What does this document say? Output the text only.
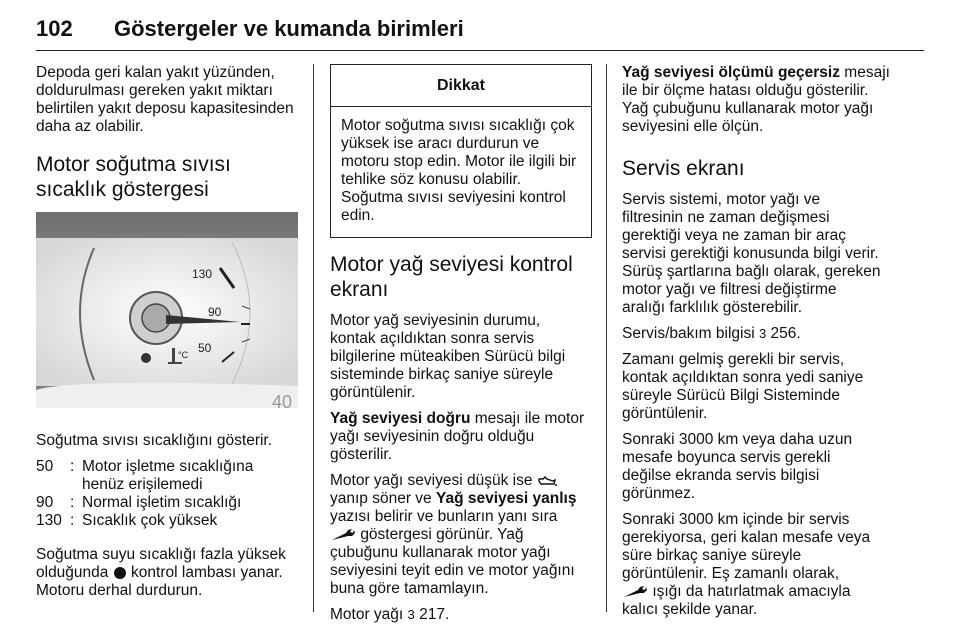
102 Göstergeler ve kumanda birimleri

Depoda geri kalan yakıt yüzünden,
doldurulması gereken yakıt miktarı
belirtilen yakıt deposu kapasitesinden
daha az olabilir.

Motor soğutma sıvısı
sıcaklık göstergesi
130
90
50
°C
40

Soğutma sıvısı sıcaklığını gösterir.

50	: Motor işletme sıcaklığına
henüz erişilemedi
90	: Normal işletim sıcaklığı
130 : Sıcaklık çok yüksek

Soğutma suyu sıcaklığı fazla yüksek
olduğunda kontrol lambası yanar.
Motoru derhal durdurun.

Dikkat
Motor soğutma sıvısı sıcaklığı çok
yüksek ise aracı durdurun ve
motoru stop edin. Motor ile ilgili bir
tehlike söz konusu olabilir.
Soğutma sıvısı seviyesini kontrol
edin.
Motor yağ seviyesi kontrol
ekranı

Motor yağ seviyesinin durumu,
kontak açıldıktan sonra servis
bilgilerine müteakiben Sürücü bilgi
sisteminde birkaç saniye süreyle
görüntülenir.

Yağ seviyesi doğru mesajı ile motor
yağı seviyesinin doğru olduğu
gösterilir.

Motor yağı seviyesi düşük ise
yanıp söner ve Yağ seviyesi yanlış
yazısı belirir ve bunların yanı sıra
göstergesi görünür. Yağ
çubuğunu kullanarak motor yağı
seviyesini teyit edin ve motor yağını
buna göre tamamlayın.

Motor yağı 3 217.

Yağ seviyesi ölçümü geçersiz mesajı
ile bir ölçme hatası olduğu gösterilir.
Yağ çubuğunu kullanarak motor yağı
seviyesini elle ölçün.

Servis ekranı

Servis sistemi, motor yağı ve
filtresinin ne zaman değişmesi
gerektiği veya ne zaman bir araç
servisi gerektiği konusunda bilgi verir.
Sürüş şartlarına bağlı olarak, gereken
motor yağı ve filtresi değiştirme
aralığı farklılık gösterebilir.

Servis/bakım bilgisi 3 256.

Zamanı gelmiş gerekli bir servis,
kontak açıldıktan sonra yedi saniye
süreyle Sürücü Bilgi Sisteminde
görüntülenir.

Sonraki 3000 km veya daha uzun
mesafe boyunca servis gerekli
değilse ekranda servis bilgisi
görünmez.

Sonraki 3000 km içinde bir servis
gerekiyorsa, geri kalan mesafe veya
süre birkaç saniye süreyle
görüntülenir. Eş zamanlı olarak,
ışığı da hatırlatmak amacıyla
kalıcı şekilde yanar.
